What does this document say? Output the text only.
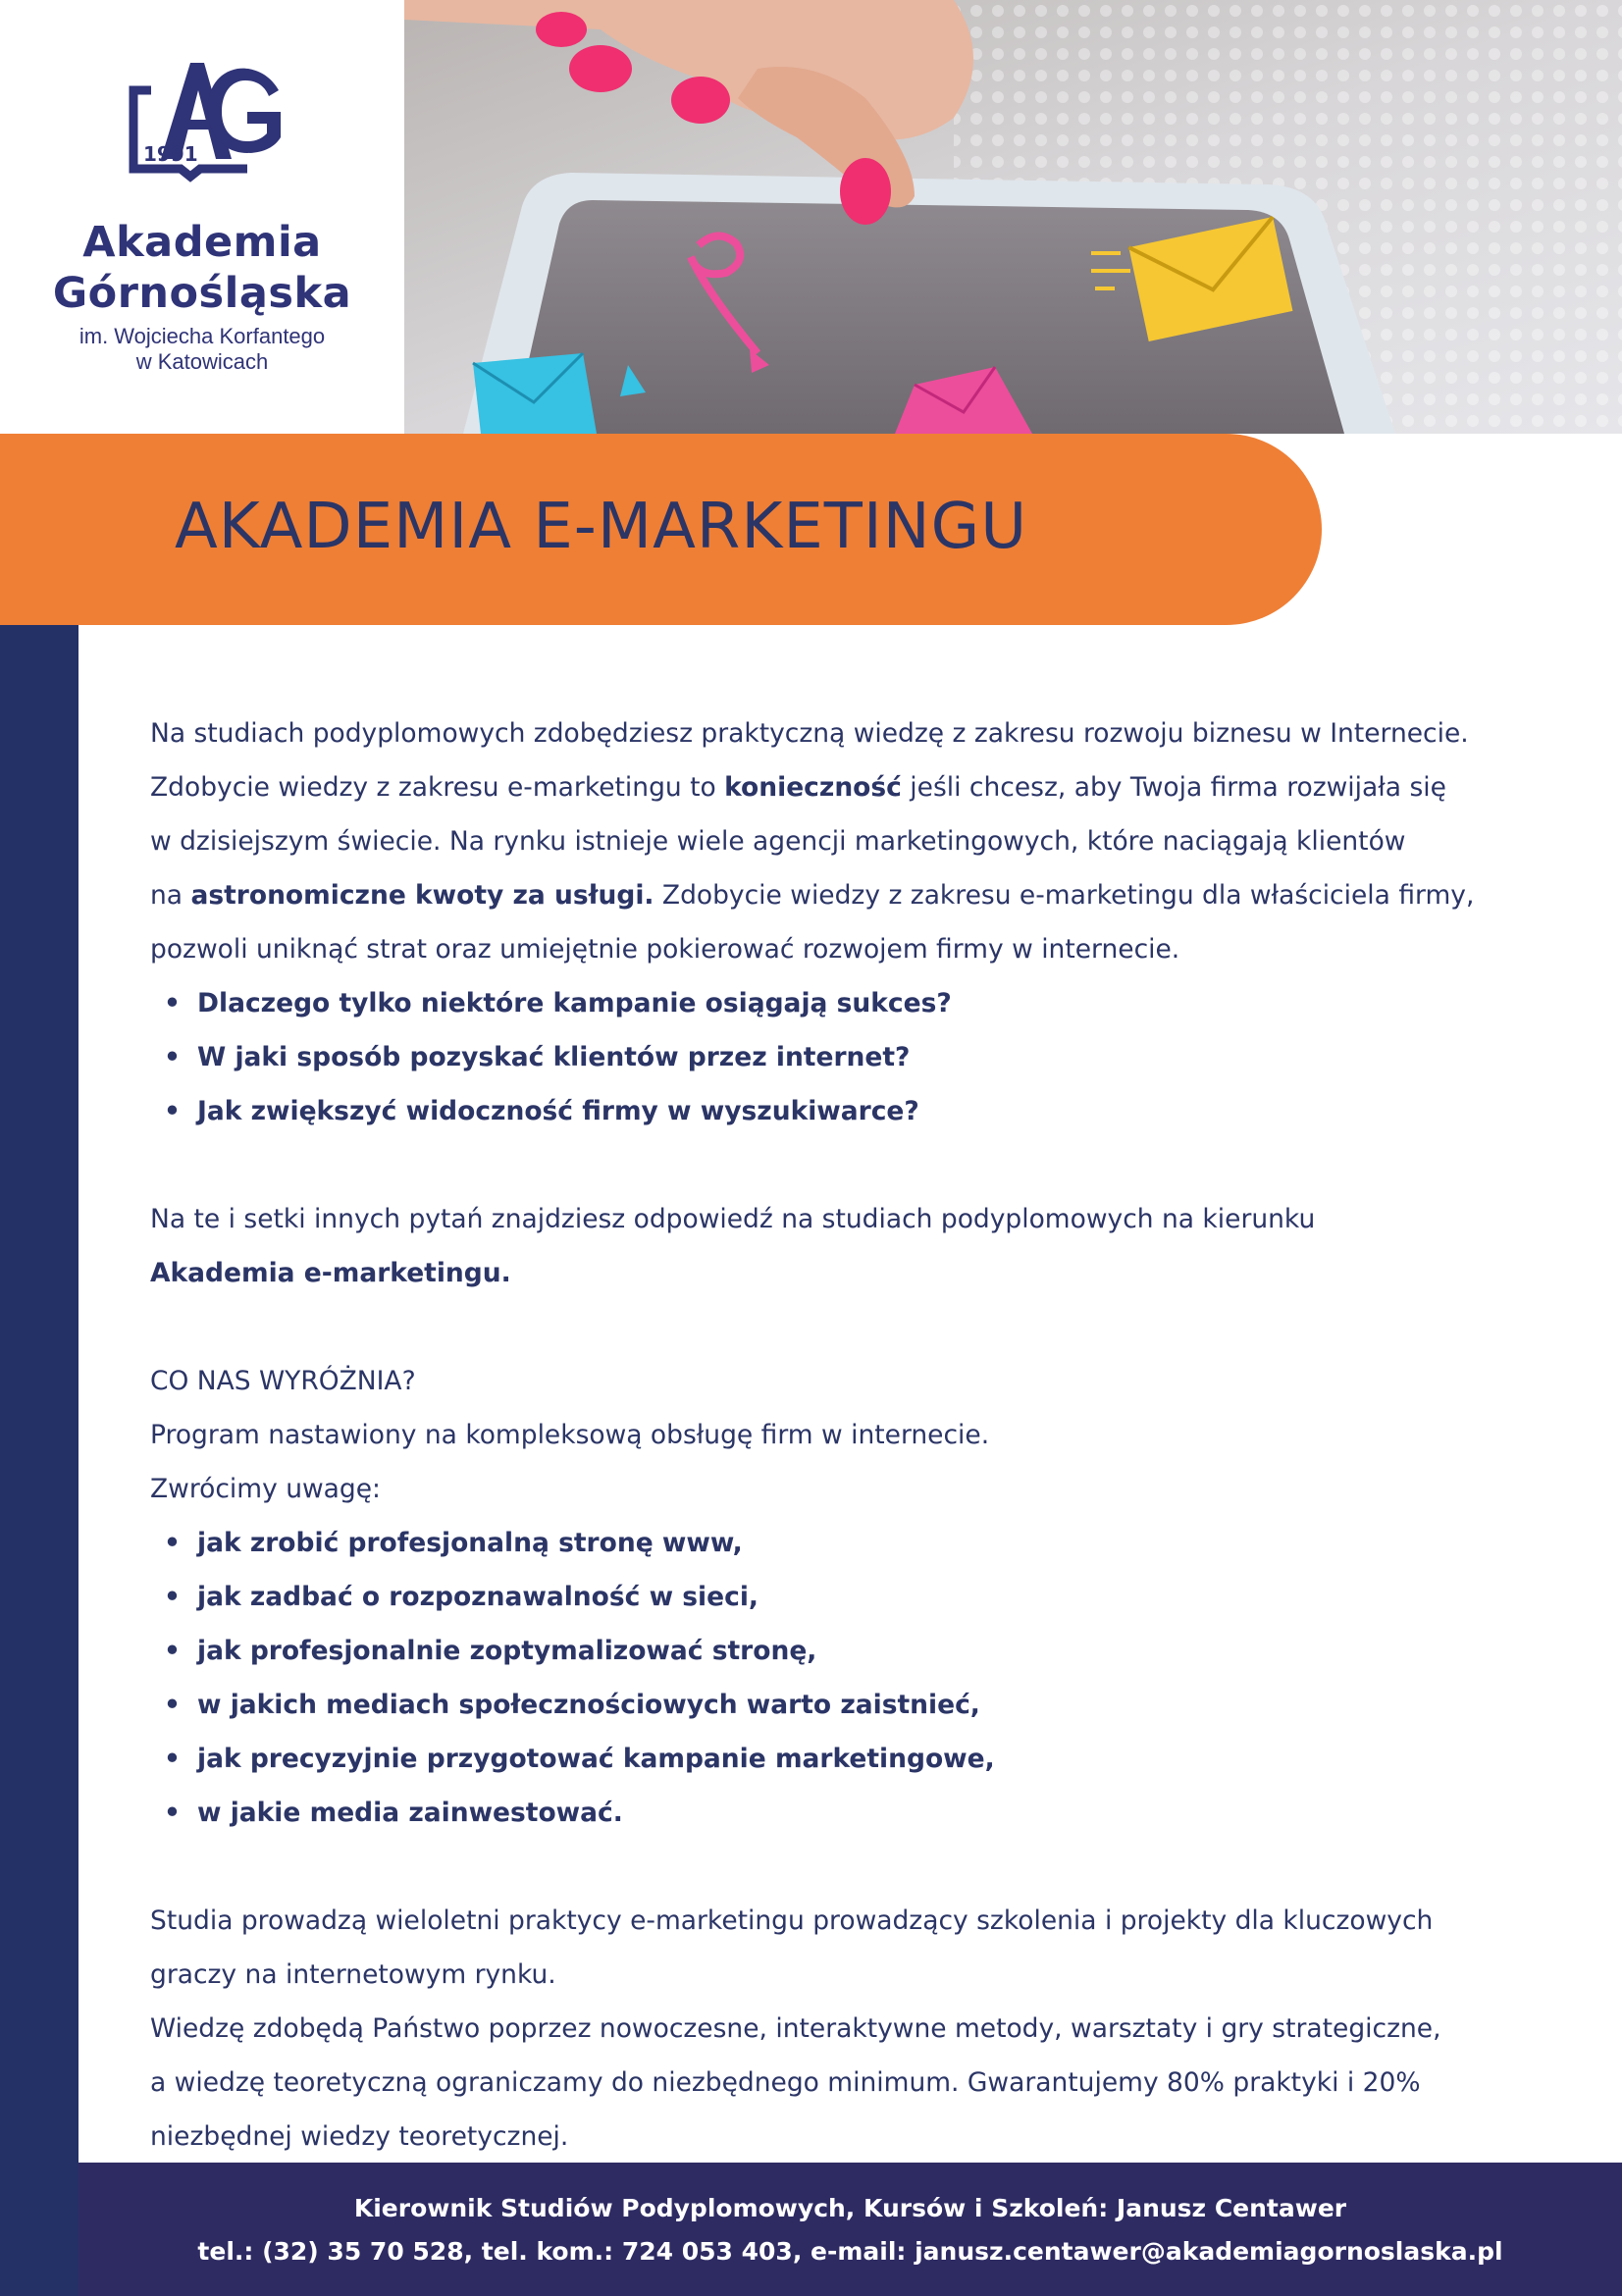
1991
Akademia
Górnośląska
im. Wojciecha Korfantego
w Katowicach
AKADEMIA E-MARKETINGU

Na studiach podyplomowych zdobędziesz praktyczną wiedzę z zakresu rozwoju biznesu w Internecie.

Zdobycie wiedzy z zakresu e-marketingu to konieczność jeśli chcesz, aby Twoja firma rozwijała się

w dzisiejszym świecie. Na rynku istnieje wiele agencji marketingowych, które naciągają klientów

na astronomiczne kwoty za usługi. Zdobycie wiedzy z zakresu e-marketingu dla właściciela firmy,

pozwoli uniknąć strat oraz umiejętnie pokierować rozwojem firmy w internecie.

• Dlaczego tylko niektóre kampanie osiągają sukces?
• W jaki sposób pozyskać klientów przez internet?
• Jak zwiększyć widoczność firmy w wyszukiwarce?

Na te i setki innych pytań znajdziesz odpowiedź na studiach podyplomowych na kierunku

Akademia e-marketingu.

CO NAS WYRÓŻNIA?

Program nastawiony na kompleksową obsługę firm w internecie.

Zwrócimy uwagę:

• jak zrobić profesjonalną stronę www,
• jak zadbać o rozpoznawalność w sieci,
• jak profesjonalnie zoptymalizować stronę,
• w jakich mediach społecznościowych warto zaistnieć,
• jak precyzyjnie przygotować kampanie marketingowe,
• w jakie media zainwestować.

Studia prowadzą wieloletni praktycy e-marketingu prowadzący szkolenia i projekty dla kluczowych

graczy na internetowym rynku.

Wiedzę zdobędą Państwo poprzez nowoczesne, interaktywne metody, warsztaty i gry strategiczne,

a wiedzę teoretyczną ograniczamy do niezbędnego minimum. Gwarantujemy 80% praktyki i 20%

niezbędnej wiedzy teoretycznej.

Kierownik Studiów Podyplomowych, Kursów i Szkoleń: Janusz Centawer
tel.: (32) 35 70 528, tel. kom.: 724 053 403, e-mail: janusz.centawer@akademiagornoslaska.pl
